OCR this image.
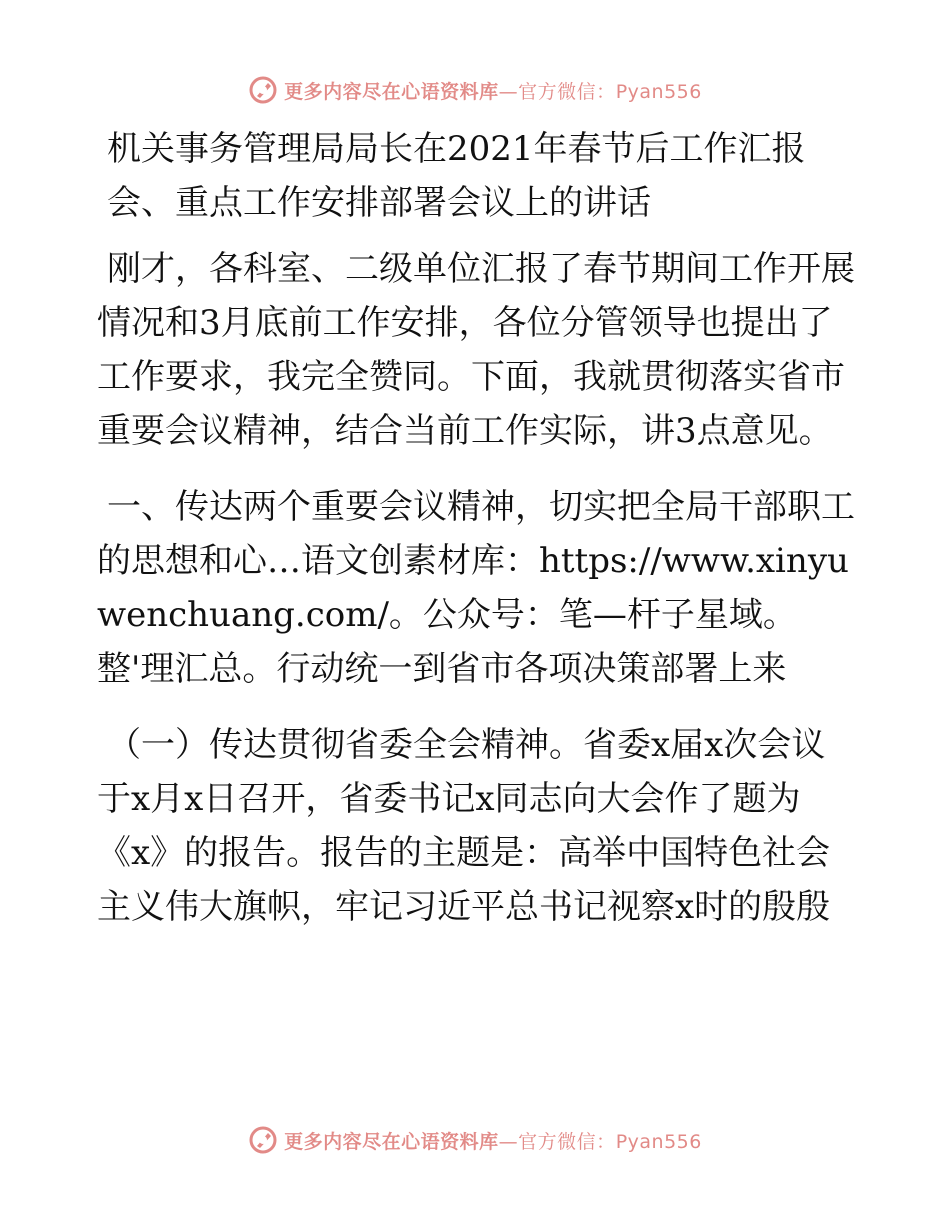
更多内容尽在心语资料库—官方微信：Pyan556
机关事务管理局局长在2021年春节后工作汇报会、重点工作安排部署会议上的讲话

刚才，各科室、二级单位汇报了春节期间工作开展情况和3月底前工作安排，各位分管领导也提出了工作要求，我完全赞同。下面，我就贯彻落实省市重要会议精神，结合当前工作实际，讲3点意见。

一、传达两个重要会议精神，切实把全局干部职工的思想和心…语文创素材库：https://www.xinyuwenchuang.com/。公众号：笔—杆子星域。整'理汇总。行动统一到省市各项决策部署上来

（一）传达贯彻省委全会精神。省委x届x次会议于x月x日召开，省委书记x同志向大会作了题为《x》的报告。报告的主题是：高举中国特色社会主义伟大旗帜，牢记习近平总书记视察x时的殷殷

更多内容尽在心语资料库—官方微信：Pyan556
